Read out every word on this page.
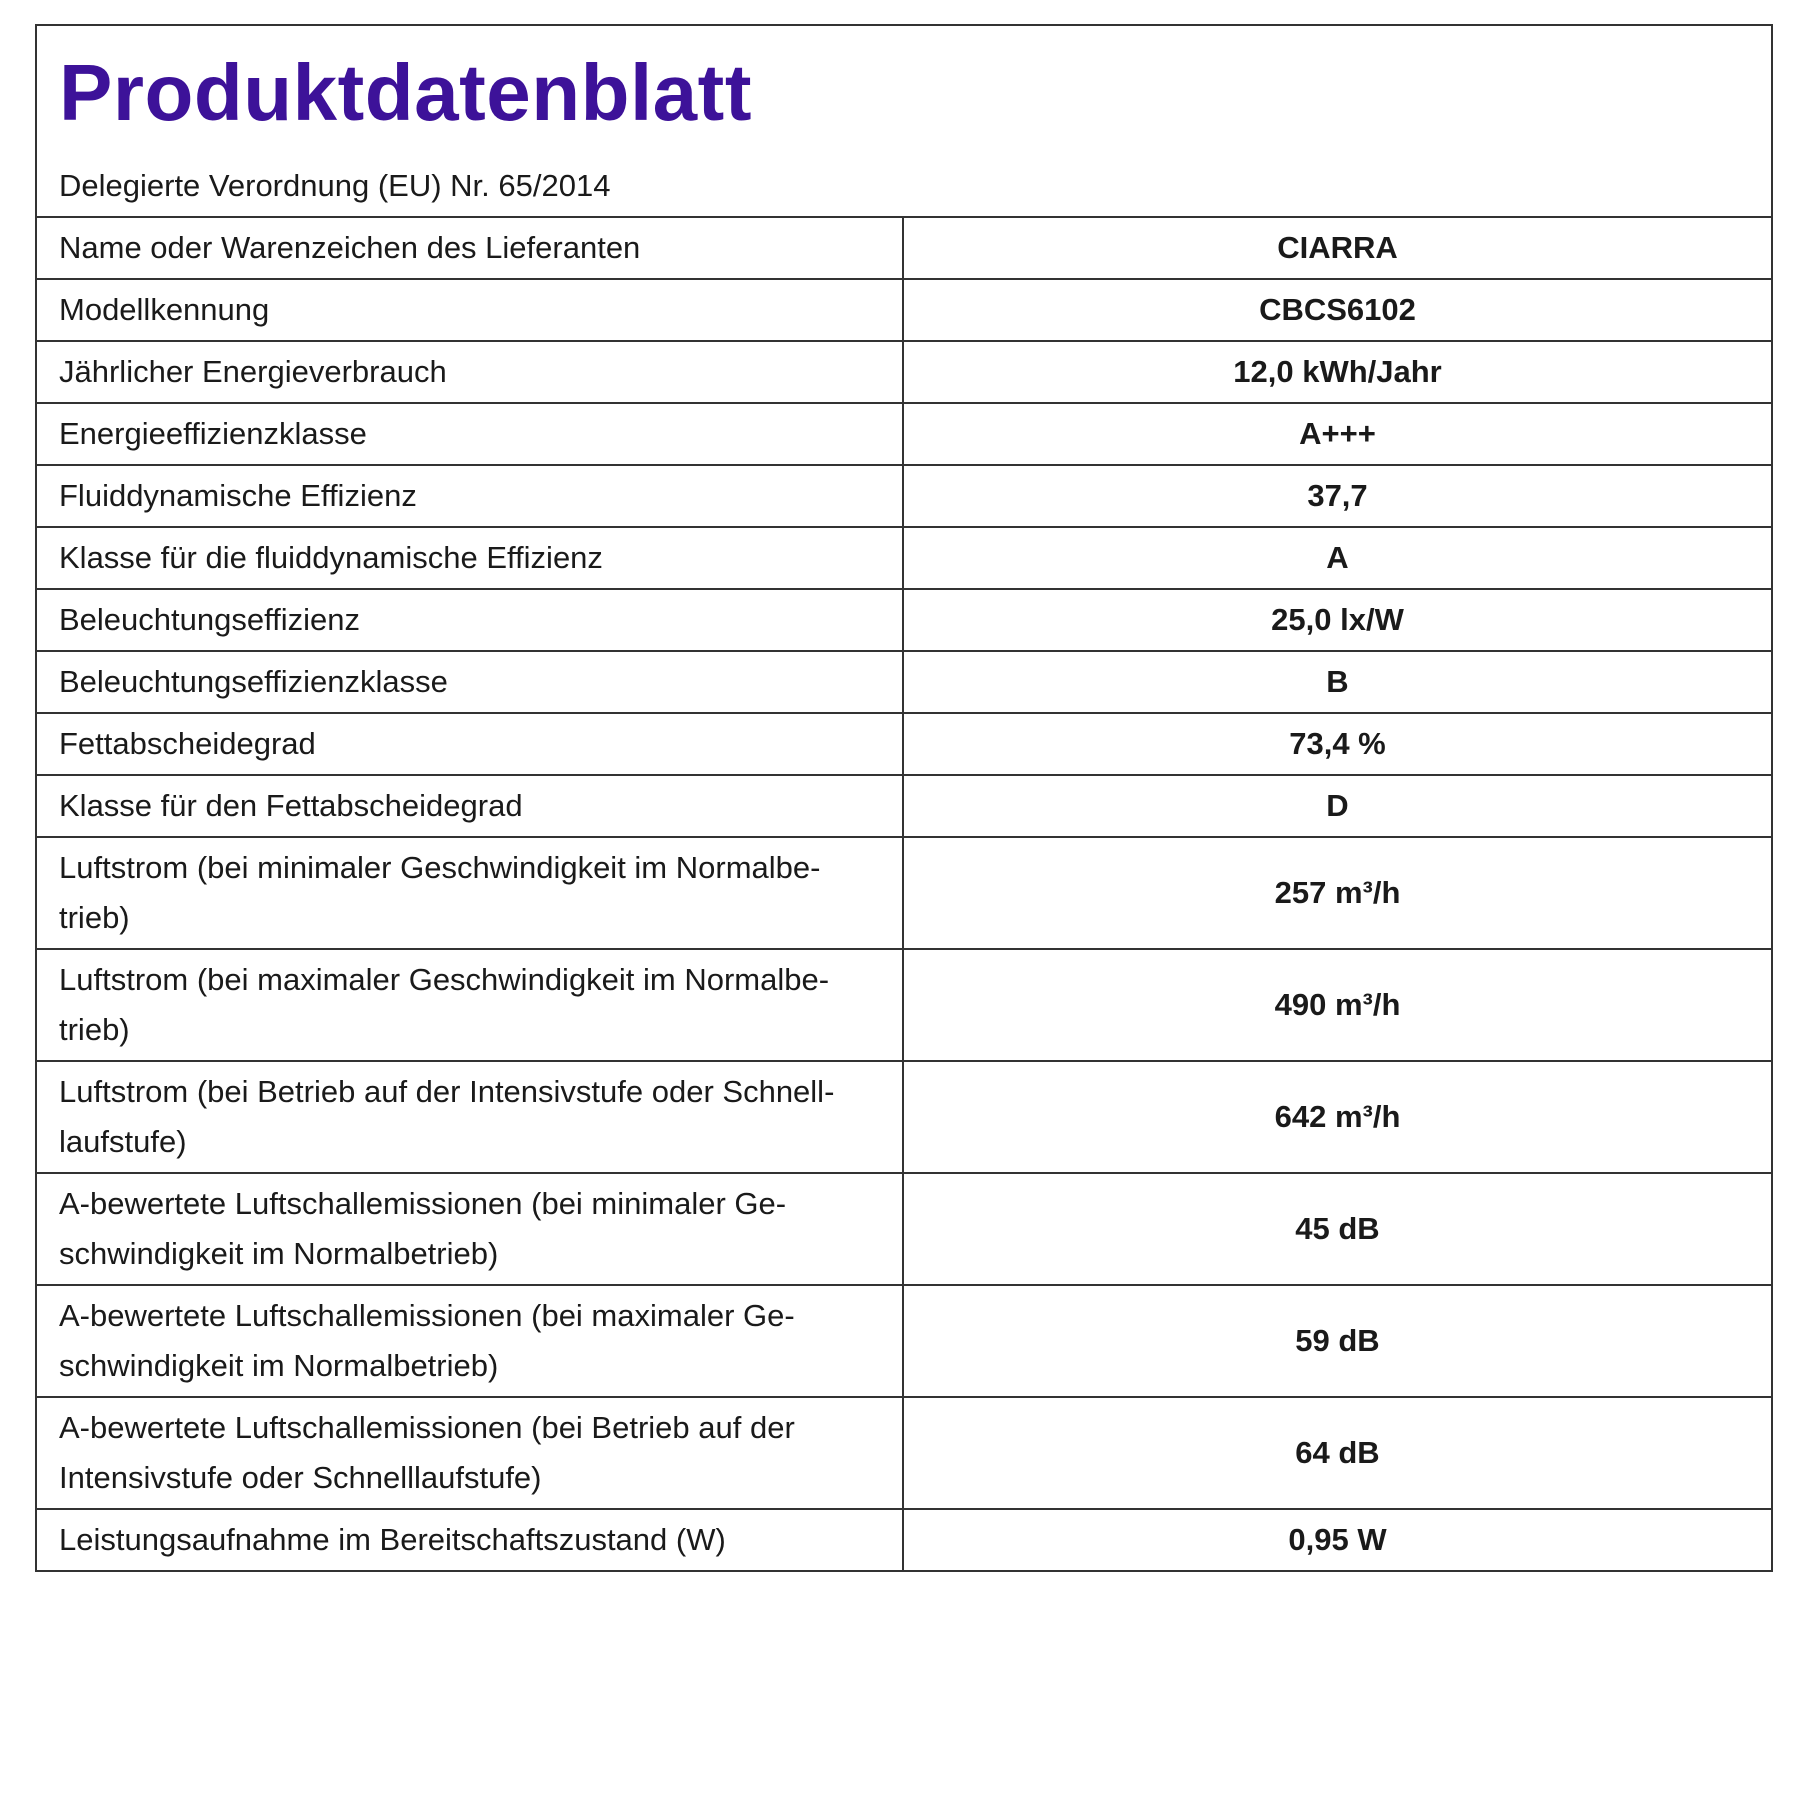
Produktdatenblatt
Delegierte Verordnung (EU) Nr. 65/2014
Name oder Warenzeichen des Lieferanten	CIARRA
Modellkennung	CBCS6102
Jährlicher Energieverbrauch	12,0 kWh/Jahr
Energieeffizienzklasse	A+++
Fluiddynamische Effizienz	37,7
Klasse für die fluiddynamische Effizienz	A
Beleuchtungseffizienz	25,0 lx/W
Beleuchtungseffizienzklasse	B
Fettabscheidegrad	73,4 %
Klasse für den Fettabscheidegrad	D
Luftstrom (bei minimaler Geschwindigkeit im Normalbe-trieb)	257 m³/h
Luftstrom (bei maximaler Geschwindigkeit im Normalbe-trieb)	490 m³/h
Luftstrom (bei Betrieb auf der Intensivstufe oder Schnell-laufstufe)	642 m³/h
A-bewertete Luftschallemissionen (bei minimaler Ge-schwindigkeit im Normalbetrieb)	45 dB
A-bewertete Luftschallemissionen (bei maximaler Ge-schwindigkeit im Normalbetrieb)	59 dB
A-bewertete Luftschallemissionen (bei Betrieb auf der Intensivstufe oder Schnelllaufstufe)	64 dB
Leistungsaufnahme im Bereitschaftszustand (W)	0,95 W
